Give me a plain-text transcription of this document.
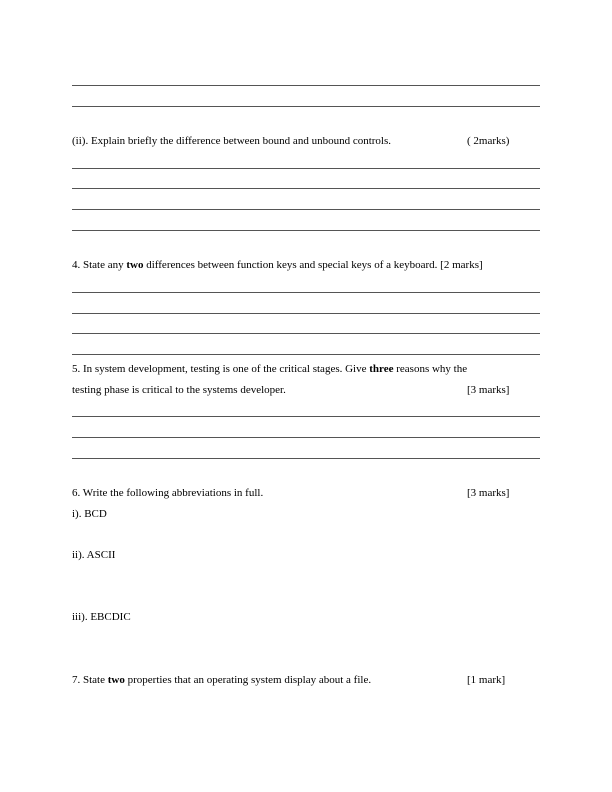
(ii). Explain briefly the difference between bound and unbound controls.	( 2marks)
4. State any two differences between function keys and special keys of a keyboard. [2 marks]
5. In system development, testing is one of the critical stages. Give three reasons why the
testing phase is critical to the systems developer.	[3 marks]
6. Write the following abbreviations in full.	[3 marks]
i). BCD
ii). ASCII
iii). EBCDIC
7. State two properties that an operating system display about a file.	[1 mark]
